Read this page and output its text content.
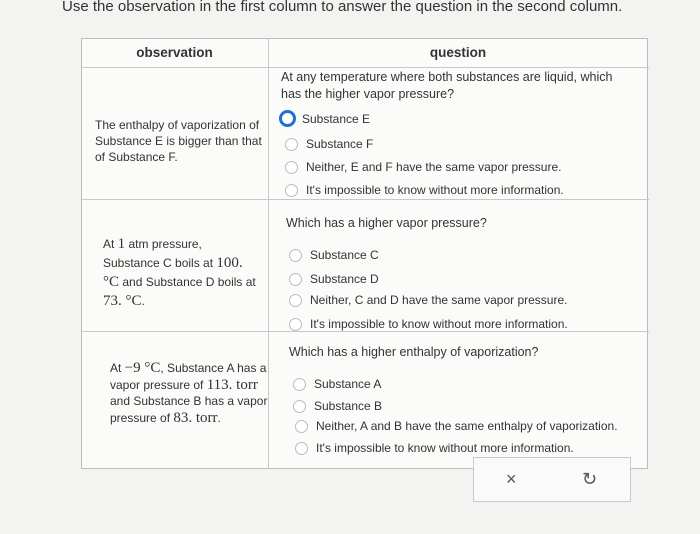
Use the observation in the first column to answer the question in the second column.
observation	question
The enthalpy of vaporization of Substance E is bigger than that of Substance F.
At any temperature where both substances are liquid, which has the higher vapor pressure?
Substance E
Substance F
Neither, E and F have the same vapor pressure.
It's impossible to know without more information.
At 1 atm pressure, Substance C boils at 100. °C and Substance D boils at 73. °C.
Which has a higher vapor pressure?
Substance C
Substance D
Neither, C and D have the same vapor pressure.
It's impossible to know without more information.
At −9 °C, Substance A has a vapor pressure of 113. torr and Substance B has a vapor pressure of 83. torr.
Which has a higher enthalpy of vaporization?
Substance A
Substance B
Neither, A and B have the same enthalpy of vaporization.
It's impossible to know without more information.
×	↻
